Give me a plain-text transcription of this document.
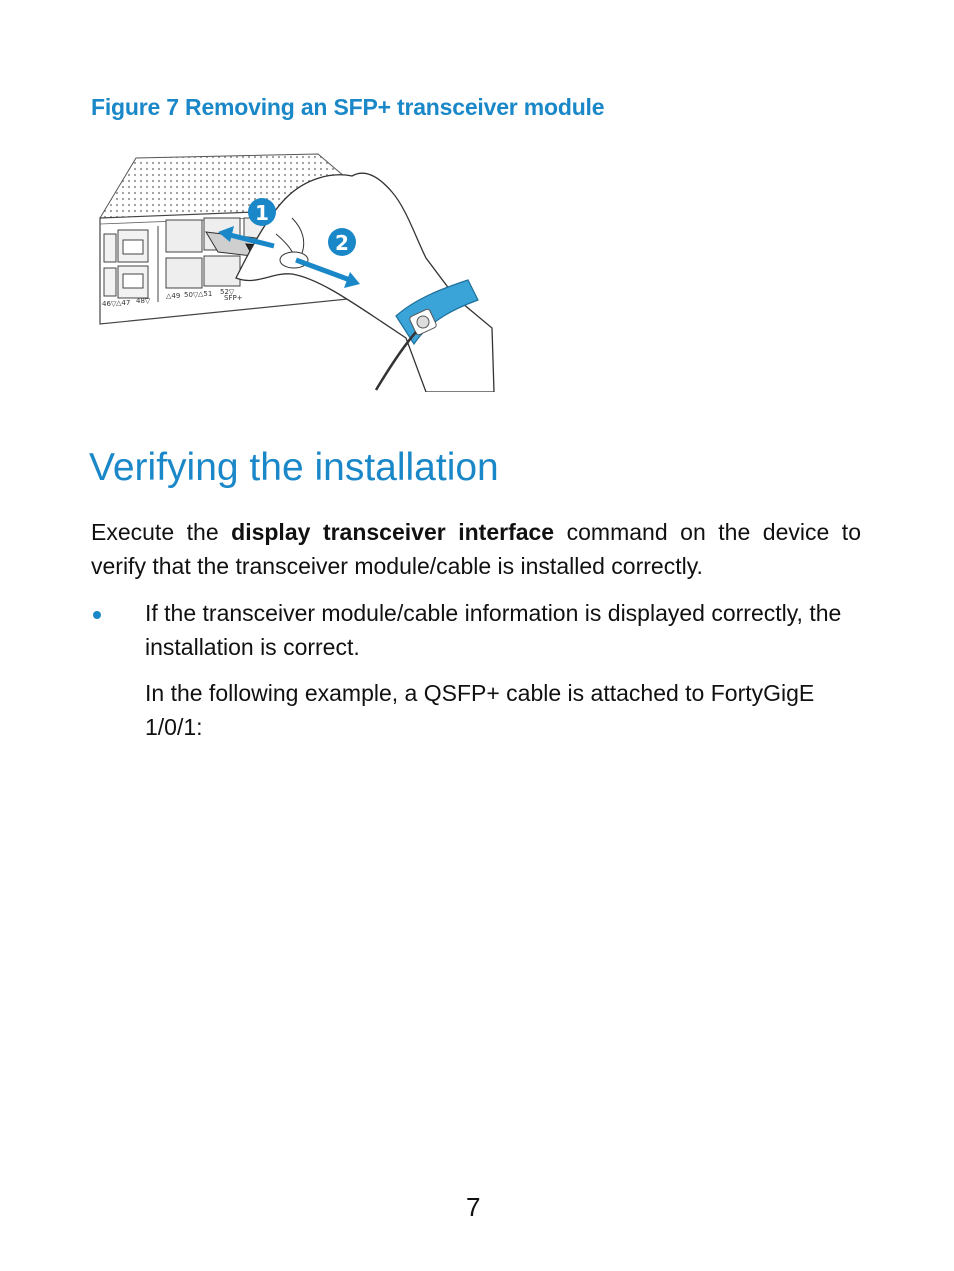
Figure 7 Removing an SFP+ transceiver module
46▽ △47 48▽
△49 50▽ △51 52▽
SFP+
1
2
Verifying the installation

Execute the display transceiver interface command on the device to verify that the transceiver module/cable is installed correctly.

If the transceiver module/cable information is displayed correctly, the installation is correct.

In the following example, a QSFP+ cable is attached to FortyGigE 1/0/1:

7
